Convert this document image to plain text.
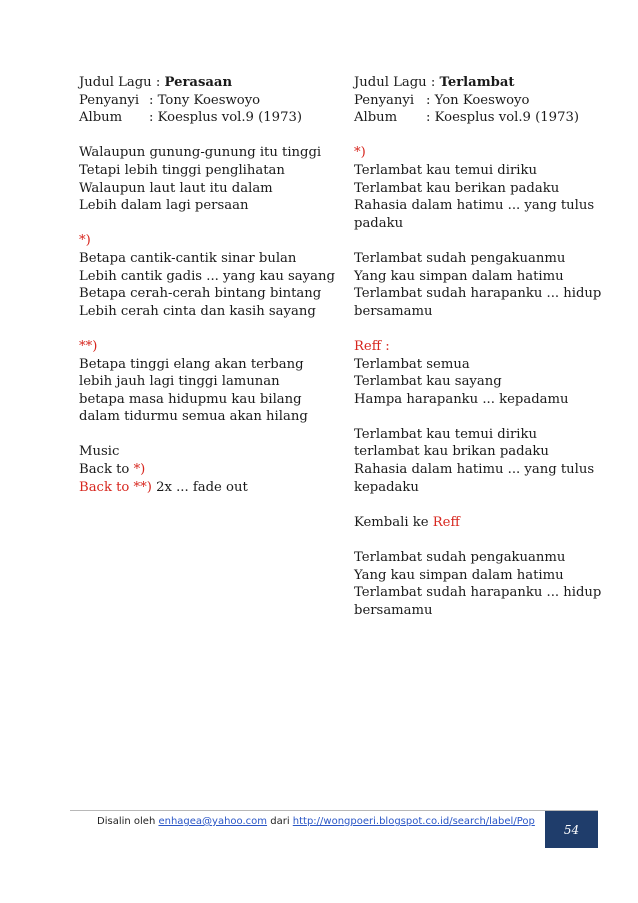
Judul Lagu : Perasaan
Penyanyi : Tony Koeswoyo
Album	: Koesplus vol.9 (1973)
Walaupun gunung-gunung itu tinggi
Tetapi lebih tinggi penglihatan
Walaupun laut laut itu dalam
Lebih dalam lagi persaan
*)
Betapa cantik-cantik sinar bulan
Lebih cantik gadis ... yang kau sayang
Betapa cerah-cerah bintang bintang
Lebih cerah cinta dan kasih sayang
**)
Betapa tinggi elang akan terbang
lebih jauh lagi tinggi lamunan
betapa masa hidupmu kau bilang
dalam tidurmu semua akan hilang
Music
Back to *)
Back to **) 2x ... fade out
Judul Lagu : Terlambat
Penyanyi : Yon Koeswoyo
Album	: Koesplus vol.9 (1973)
*)
Terlambat kau temui diriku
Terlambat kau berikan padaku
Rahasia dalam hatimu ... yang tulus padaku
Terlambat sudah pengakuanmu
Yang kau simpan dalam hatimu
Terlambat sudah harapanku ... hidup bersamamu
Reff :
Terlambat semua
Terlambat kau sayang
Hampa harapanku ... kepadamu
Terlambat kau temui diriku
terlambat kau brikan padaku
Rahasia dalam hatimu ... yang tulus kepadaku
Kembali ke Reff
Terlambat sudah pengakuanmu
Yang kau simpan dalam hatimu
Terlambat sudah harapanku ... hidup bersamamu
Disalin oleh enhagea@yahoo.com dari http://wongpoeri.blogspot.co.id/search/label/Pop
54
